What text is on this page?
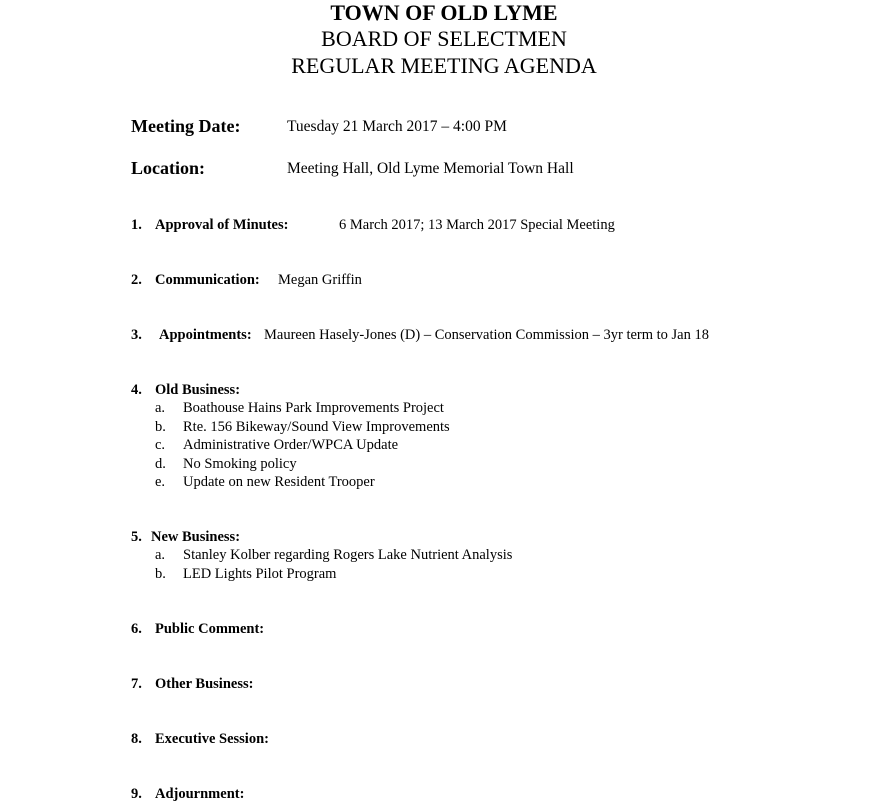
TOWN OF OLD LYME
BOARD OF SELECTMEN
REGULAR MEETING AGENDA
Meeting Date:	Tuesday 21 March 2017 – 4:00 PM
Location:	Meeting Hall, Old Lyme Memorial Town Hall
1. Approval of Minutes:	6 March 2017; 13 March 2017 Special Meeting
2. Communication: Megan Griffin
3. Appointments: Maureen Hasely-Jones (D) – Conservation Commission – 3yr term to Jan 18
4. Old Business:
a. Boathouse Hains Park Improvements Project
b. Rte. 156 Bikeway/Sound View Improvements
c. Administrative Order/WPCA Update
d. No Smoking policy
e. Update on new Resident Trooper
5. New Business:
a. Stanley Kolber regarding Rogers Lake Nutrient Analysis
b. LED Lights Pilot Program
6. Public Comment:
7. Other Business:
8. Executive Session:
9. Adjournment:
